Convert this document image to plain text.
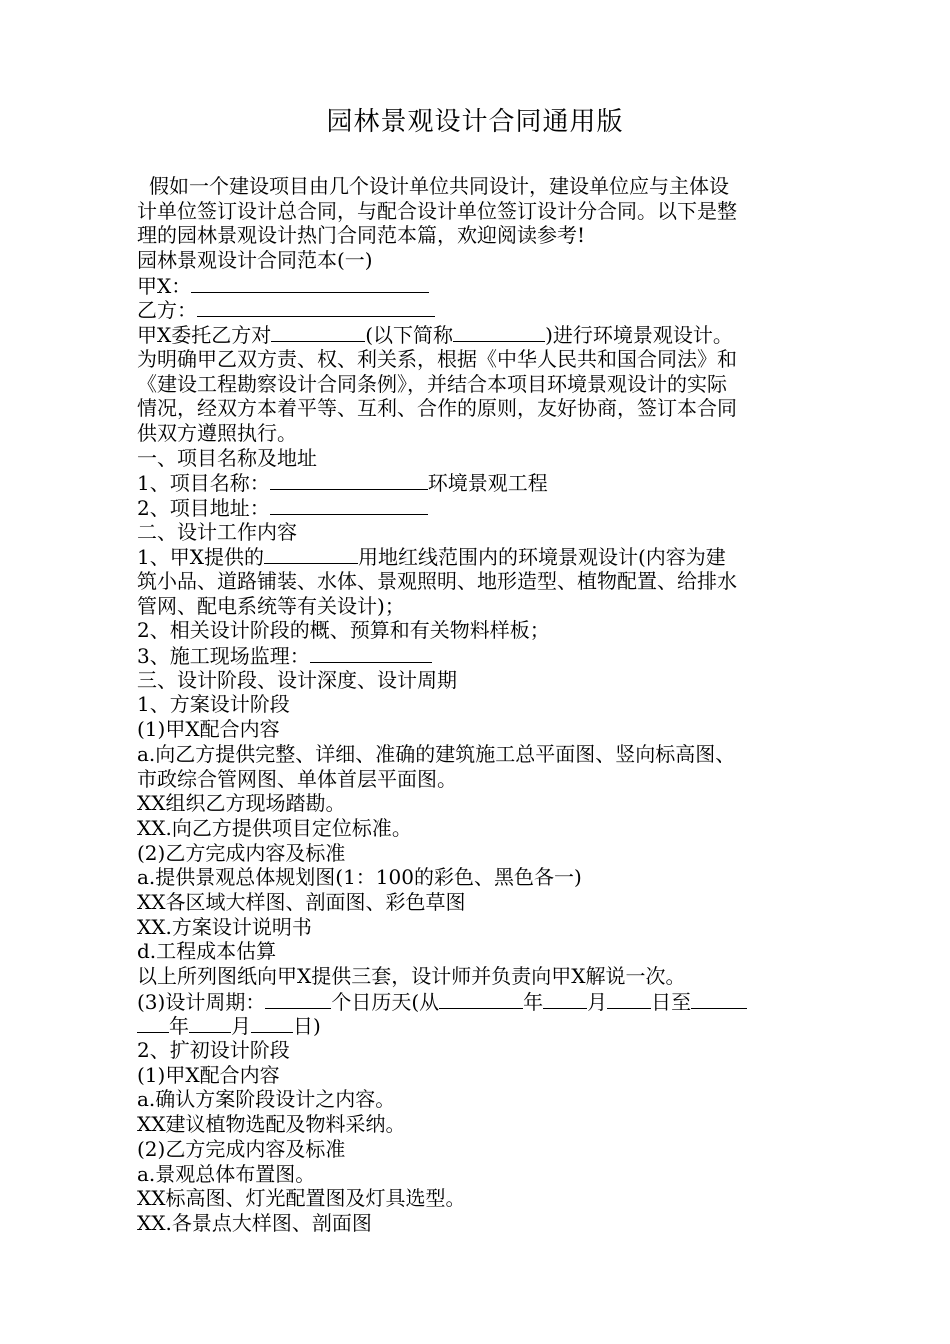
园林景观设计合同通用版
假如一个建设项目由几个设计单位共同设计，建设单位应与主体设
计单位签订设计总合同，与配合设计单位签订设计分合同。以下是整
理的园林景观设计热门合同范本篇，欢迎阅读参考!
园林景观设计合同范本(一)
甲X：
乙方：
甲X委托乙方对	(以下简称	)进行环境景观设计。
为明确甲乙双方责、权、利关系，根据《中华人民共和国合同法》和
《建设工程勘察设计合同条例》，并结合本项目环境景观设计的实际
情况，经双方本着平等、互利、合作的原则，友好协商，签订本合同
供双方遵照执行。
一、项目名称及地址
1、项目名称：	环境景观工程
2、项目地址：
二、设计工作内容
1、甲X提供的	用地红线范围内的环境景观设计(内容为建
筑小品、道路铺装、水体、景观照明、地形造型、植物配置、给排水
管网、配电系统等有关设计)；
2、相关设计阶段的概、预算和有关物料样板；
3、施工现场监理：
三、设计阶段、设计深度、设计周期
1、方案设计阶段
(1)甲X配合内容
a.向乙方提供完整、详细、准确的建筑施工总平面图、竖向标高图、
市政综合管网图、单体首层平面图。
XX组织乙方现场踏勘。
XX.向乙方提供项目定位标准。
(2)乙方完成内容及标准
a.提供景观总体规划图(1：100的彩色、黑色各一)
XX各区域大样图、剖面图、彩色草图
XX.方案设计说明书
d.工程成本估算
以上所列图纸向甲X提供三套，设计师并负责向甲X解说一次。
(3)设计周期：	个日历天(从	年 月 日至
年 月 日)
2、扩初设计阶段
(1)甲X配合内容
a.确认方案阶段设计之内容。
XX建议植物选配及物料采纳。
(2)乙方完成内容及标准
a.景观总体布置图。
XX标高图、灯光配置图及灯具选型。
XX.各景点大样图、剖面图
